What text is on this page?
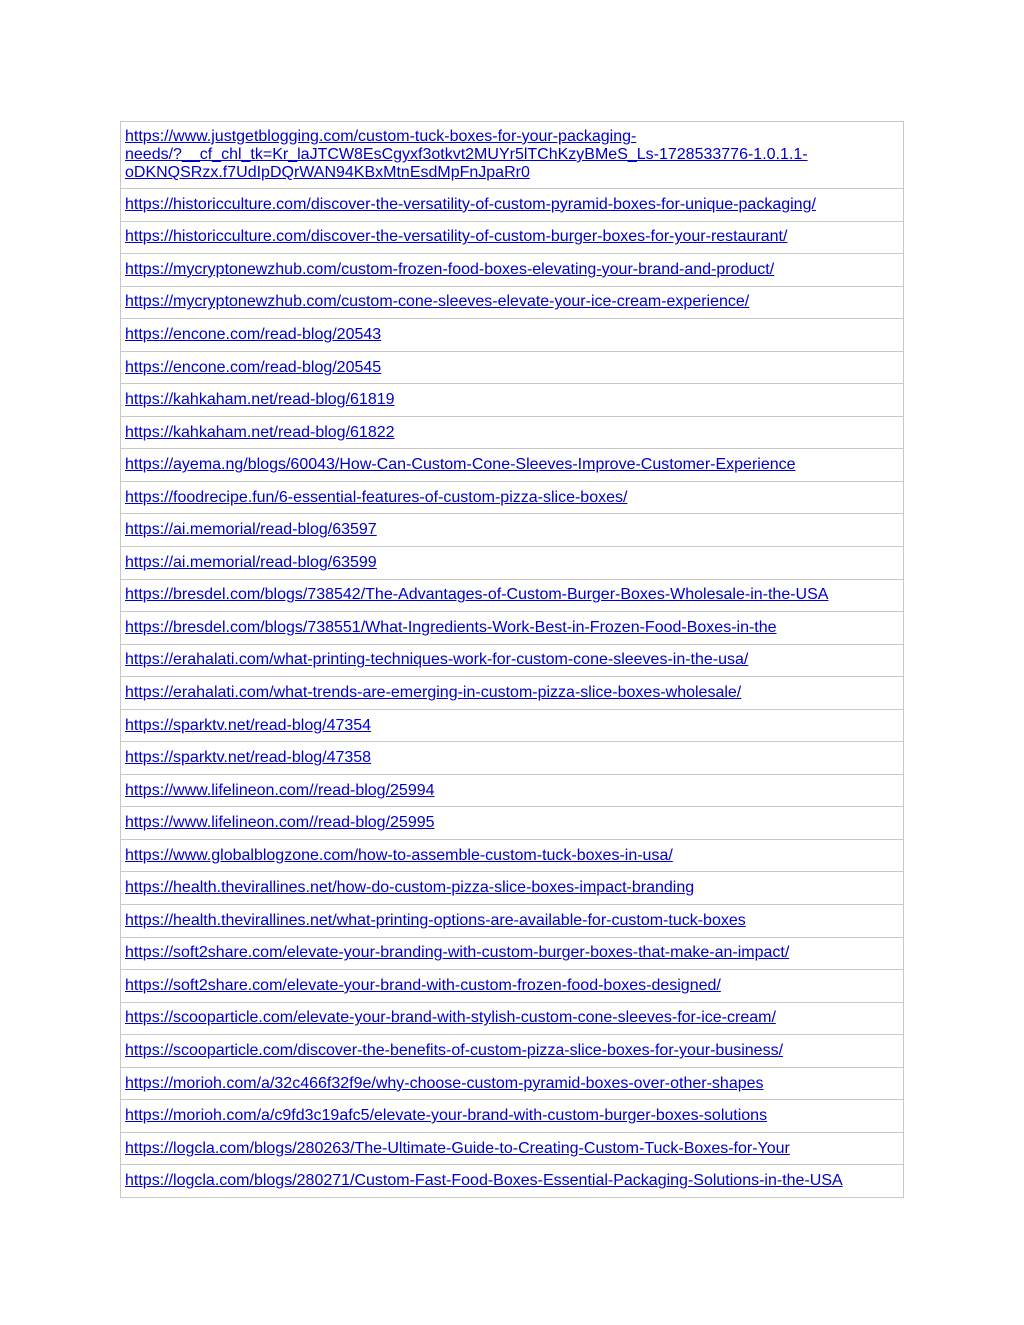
https://www.justgetblogging.com/custom-tuck-boxes-for-your-packaging-
needs/?__cf_chl_tk=Kr_laJTCW8EsCgyxf3otkvt2MUYr5lTChKzyBMeS_Ls-1728533776-1.0.1.1-
oDKNQSRzx.f7UdIpDQrWAN94KBxMtnEsdMpFnJpaRr0
https://historicculture.com/discover-the-versatility-of-custom-pyramid-boxes-for-unique-packaging/
https://historicculture.com/discover-the-versatility-of-custom-burger-boxes-for-your-restaurant/
https://mycryptonewzhub.com/custom-frozen-food-boxes-elevating-your-brand-and-product/
https://mycryptonewzhub.com/custom-cone-sleeves-elevate-your-ice-cream-experience/
https://encone.com/read-blog/20543
https://encone.com/read-blog/20545
https://kahkaham.net/read-blog/61819
https://kahkaham.net/read-blog/61822
https://ayema.ng/blogs/60043/How-Can-Custom-Cone-Sleeves-Improve-Customer-Experience
https://foodrecipe.fun/6-essential-features-of-custom-pizza-slice-boxes/
https://ai.memorial/read-blog/63597
https://ai.memorial/read-blog/63599
https://bresdel.com/blogs/738542/The-Advantages-of-Custom-Burger-Boxes-Wholesale-in-the-USA
https://bresdel.com/blogs/738551/What-Ingredients-Work-Best-in-Frozen-Food-Boxes-in-the
https://erahalati.com/what-printing-techniques-work-for-custom-cone-sleeves-in-the-usa/
https://erahalati.com/what-trends-are-emerging-in-custom-pizza-slice-boxes-wholesale/
https://sparktv.net/read-blog/47354
https://sparktv.net/read-blog/47358
https://www.lifelineon.com//read-blog/25994
https://www.lifelineon.com//read-blog/25995
https://www.globalblogzone.com/how-to-assemble-custom-tuck-boxes-in-usa/
https://health.thevirallines.net/how-do-custom-pizza-slice-boxes-impact-branding
https://health.thevirallines.net/what-printing-options-are-available-for-custom-tuck-boxes
https://soft2share.com/elevate-your-branding-with-custom-burger-boxes-that-make-an-impact/
https://soft2share.com/elevate-your-brand-with-custom-frozen-food-boxes-designed/
https://scooparticle.com/elevate-your-brand-with-stylish-custom-cone-sleeves-for-ice-cream/
https://scooparticle.com/discover-the-benefits-of-custom-pizza-slice-boxes-for-your-business/
https://morioh.com/a/32c466f32f9e/why-choose-custom-pyramid-boxes-over-other-shapes
https://morioh.com/a/c9fd3c19afc5/elevate-your-brand-with-custom-burger-boxes-solutions
https://logcla.com/blogs/280263/The-Ultimate-Guide-to-Creating-Custom-Tuck-Boxes-for-Your
https://logcla.com/blogs/280271/Custom-Fast-Food-Boxes-Essential-Packaging-Solutions-in-the-USA
